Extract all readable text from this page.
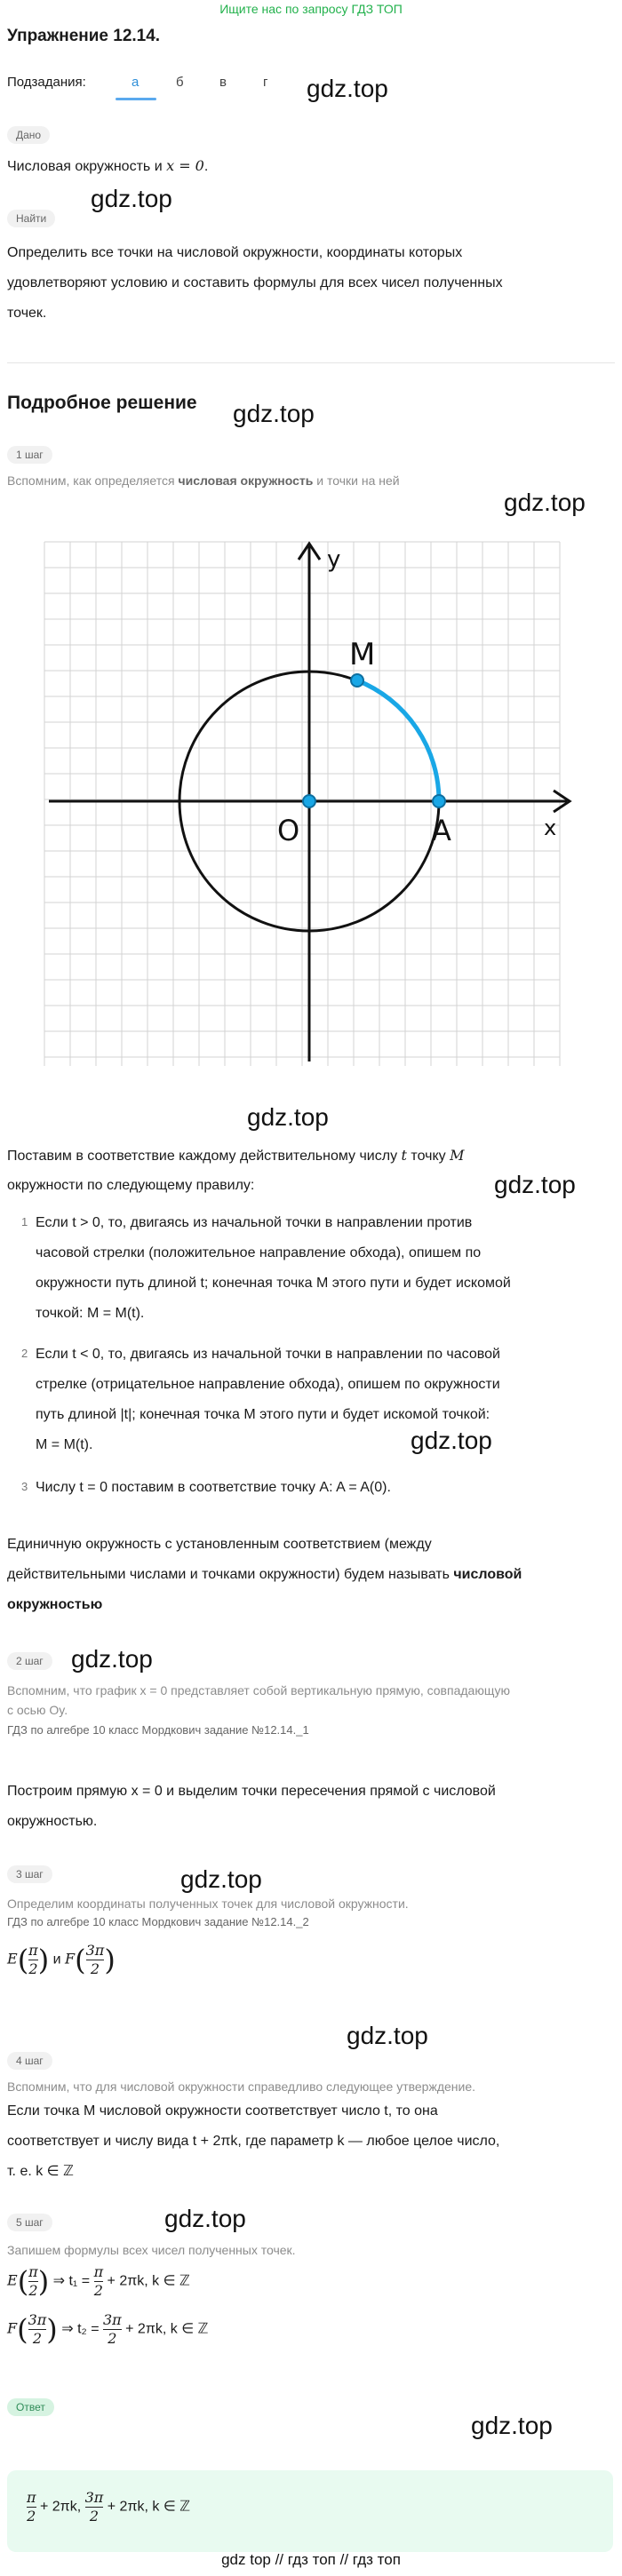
Ищите нас по запросу ГДЗ ТОП
Упражнение 12.14.
Подзадания:	а	б	в	г gdz.top
Дано
Числовая окружность и x = 0.
gdz.top
Найти
Определить все точки на числовой окружности, координаты которых
удовлетворяют условию и составить формулы для всех чисел полученных
точек.
Подробное решение gdz.top
1 шаг
Вспомним, как определяется числовая окружность и точки на ней
gdz.top
y
x
M
O	A
gdz.top
Поставим в соответствие каждому действительному числу t точку M
окружности по следующему правилу:	gdz.top
1 Если t > 0, то, двигаясь из начальной точки в направлении против
часовой стрелки (положительное направление обхода), опишем по
окружности путь длиной t; конечная точка M этого пути и будет искомой
точкой: M = M(t).
2 Если t < 0, то, двигаясь из начальной точки в направлении по часовой
стрелке (отрицательное направление обхода), опишем по окружности
путь длиной |t|; конечная точка M этого пути и будет искомой точкой:
M = M(t).	gdz.top
3 Числу t = 0 поставим в соответствие точку A: A = A(0).
Единичную окружность с установленным соответствием (между
действительными числами и точками окружности) будем называть числовой
окружностью
gdz.top
2 шаг
Вспомним, что график x = 0 представляет собой вертикальную прямую, совпадающую
с осью Oy.
ГДЗ по алгебре 10 класс Мордкович задание №12.14._1
Построим прямую x = 0 и выделим точки пересечения прямой с числовой
окружностью.
3 шаг	gdz.top
Определим координаты полученных точек для числовой окружности.
ГДЗ по алгебре 10 класс Мордкович задание №12.14._2
$E( \frac{\pi}{2}$ ) и $F( \frac{3\pi}{2}$ )
gdz.top
4 шаг
Вспомним, что для числовой окружности справедливо следующее утверждение.
Если точка M числовой окружности соответствует число t, то она
соответствует и числу вида t + 2πk, где параметр k — любое целое число,
т. е. k ∈ ℤ
gdz.top
5 шаг
Запишем формулы всех чисел полученных точек.
$E( \frac{\pi}{2}$ ) ⇒ $t_1 = \frac{\pi}{2} + 2\pi k$, k ∈ ℤ
$F( \frac{3\pi}{2}$ ) ⇒ $t_2 = \frac{3\pi}{2} + 2\pi k$, k ∈ ℤ
gdz.top
Ответ
$\frac{\pi}{2} + 2\pi k$, $\frac{3\pi}{2} + 2\pi k$, k ∈ ℤ
gdz top // гдз топ // гдз топ
